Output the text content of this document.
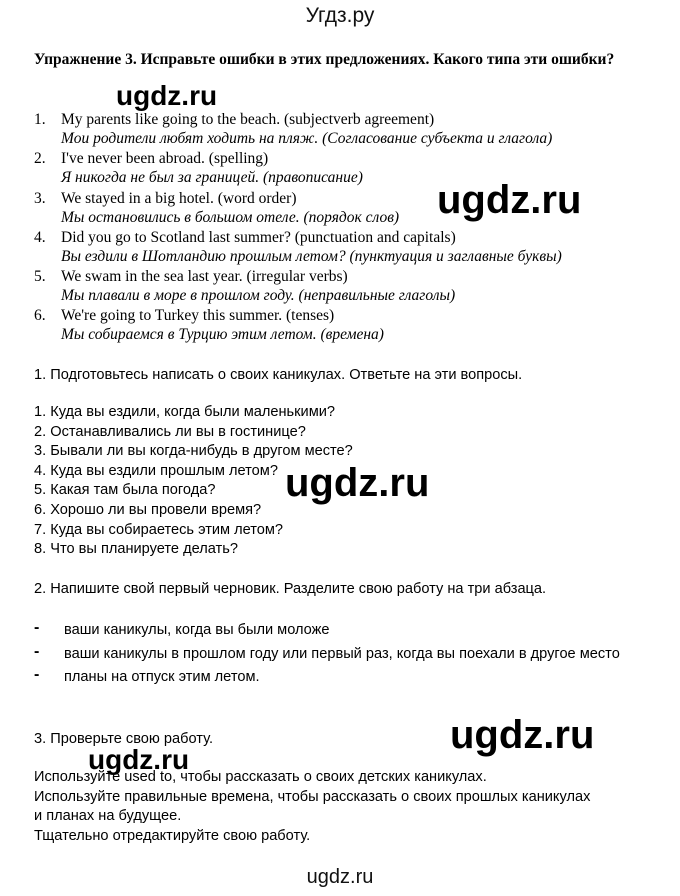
Угдз.ру
Упражнение 3. Исправьте ошибки в этих предложениях. Какого типа эти ошибки?
1. My parents like going to the beach. (subjectverb agreement)
Мои родители любят ходить на пляж. (Согласование субъекта и глагола)
2. I've never been abroad. (spelling)
Я никогда не был за границей. (правописание)
3. We stayed in a big hotel. (word order)
Мы остановились в большом отеле. (порядок слов)
4. Did you go to Scotland last summer? (punctuation and capitals)
Вы ездили в Шотландию прошлым летом? (пунктуация и заглавные буквы)
5. We swam in the sea last year. (irregular verbs)
Мы плавали в море в прошлом году. (неправильные глаголы)
6. We're going to Turkey this summer. (tenses)
Мы собираемся в Турцию этим летом. (времена)
1. Подготовьтесь написать о своих каникулах. Ответьте на эти вопросы.
1. Куда вы ездили, когда были маленькими?
2. Останавливались ли вы в гостинице?
3. Бывали ли вы когда-нибудь в другом месте?
4. Куда вы ездили прошлым летом?
5. Какая там была погода?
6. Хорошо ли вы провели время?
7. Куда вы собираетесь этим летом?
8. Что вы планируете делать?
2. Напишите свой первый черновик. Разделите свою работу на три абзаца.
- ваши каникулы, когда вы были моложе
- ваши каникулы в прошлом году или первый раз, когда вы поехали в другое место
- планы на отпуск этим летом.
3. Проверьте свою работу.

Используйте used to, чтобы рассказать о своих детских каникулах.

Используйте правильные времена, чтобы рассказать о своих прошлых каникулах и планах на будущее.

Тщательно отредактируйте свою работу.

ugdz.ru
ugdz.ru
ugdz.ru
ugdz.ru
ugdz.ru
ugdz.ru
